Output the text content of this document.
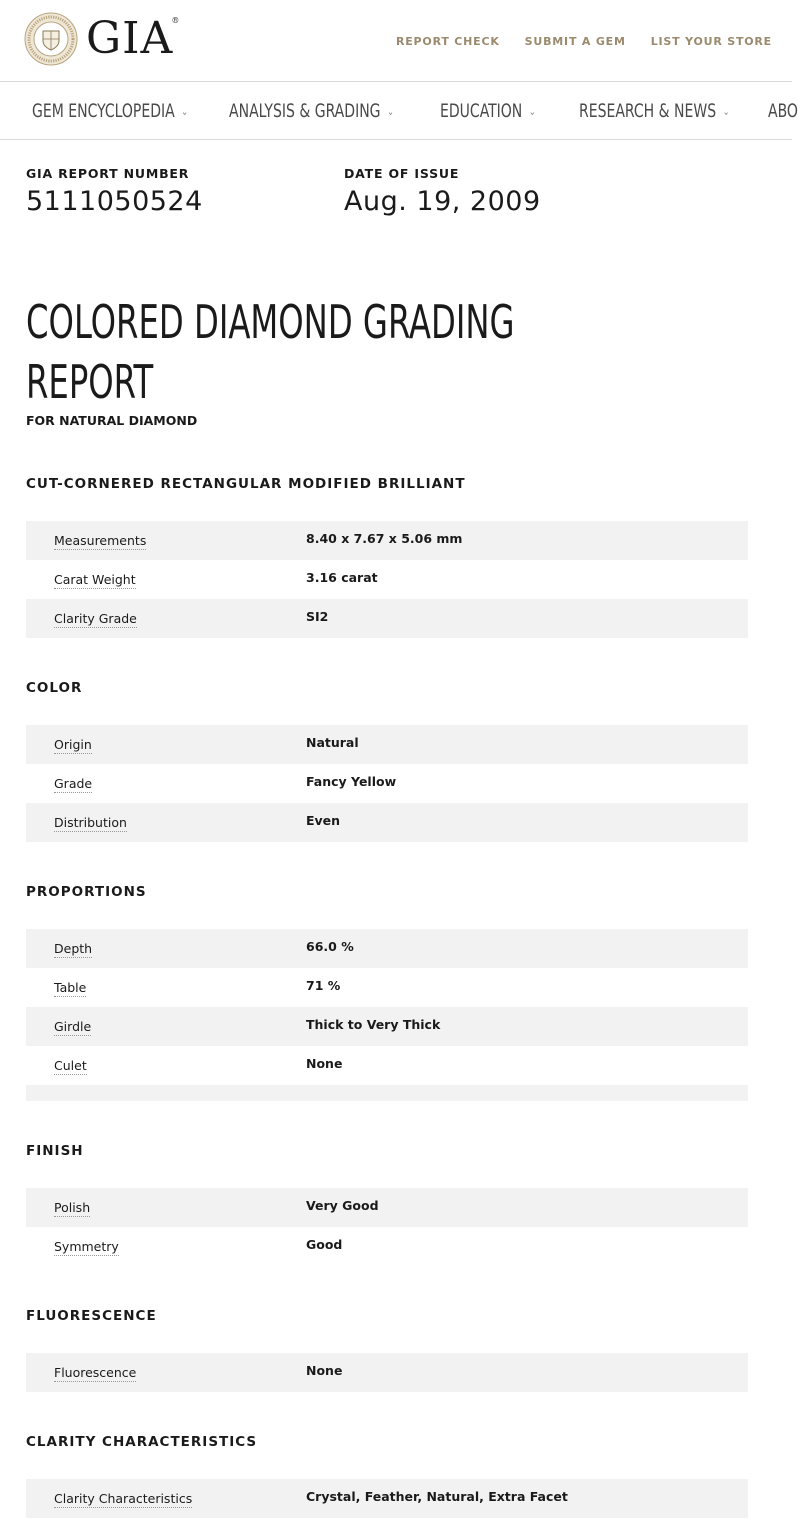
GIA®
REPORT CHECK SUBMIT A GEM LIST YOUR STORE
GEM ENCYCLOPEDIA ⌄ ANALYSIS & GRADING ⌄ EDUCATION ⌄ RESEARCH & NEWS ⌄ ABO
GIA REPORT NUMBER
5111050524
DATE OF ISSUE
Aug. 19, 2009
COLORED DIAMOND GRADING
REPORT
FOR NATURAL DIAMOND
CUT-CORNERED RECTANGULAR MODIFIED BRILLIANT
Measurements	8.40 x 7.67 x 5.06 mm
Carat Weight	3.16 carat
Clarity Grade	SI2
COLOR
Origin	Natural
Grade	Fancy Yellow
Distribution	Even
PROPORTIONS
Depth	66.0 %
Table	71 %
Girdle	Thick to Very Thick
Culet	None
FINISH
Polish	Very Good
Symmetry	Good
FLUORESCENCE
Fluorescence	None
CLARITY CHARACTERISTICS
Clarity Characteristics	Crystal, Feather, Natural, Extra Facet
